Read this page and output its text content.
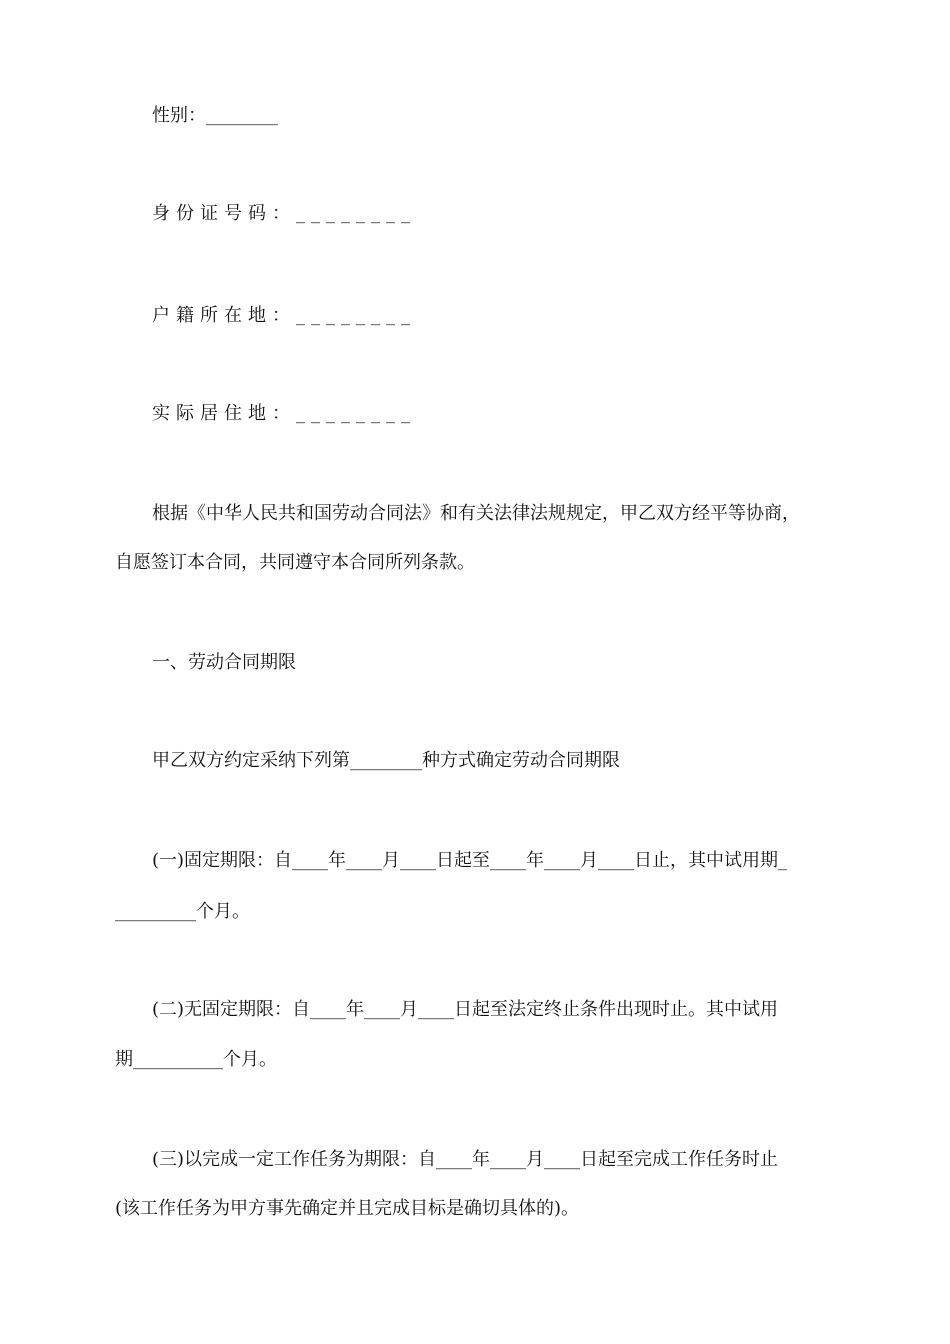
性别：________
身份证号码：________
户籍所在地：________
实际居住地：________
根据《中华人民共和国劳动合同法》和有关法律法规规定，甲乙双方经平等协商，
自愿签订本合同，共同遵守本合同所列条款。
一、劳动合同期限
甲乙双方约定采纳下列第________种方式确定劳动合同期限
(一)固定期限：自____年____月____日起至____年____月____日止，其中试用期_
_________个月。
(二)无固定期限：自____年____月____日起至法定终止条件出现时止。其中试用
期__________个月。
(三)以完成一定工作任务为期限：自____年____月____日起至完成工作任务时止
(该工作任务为甲方事先确定并且完成目标是确切具体的)。
